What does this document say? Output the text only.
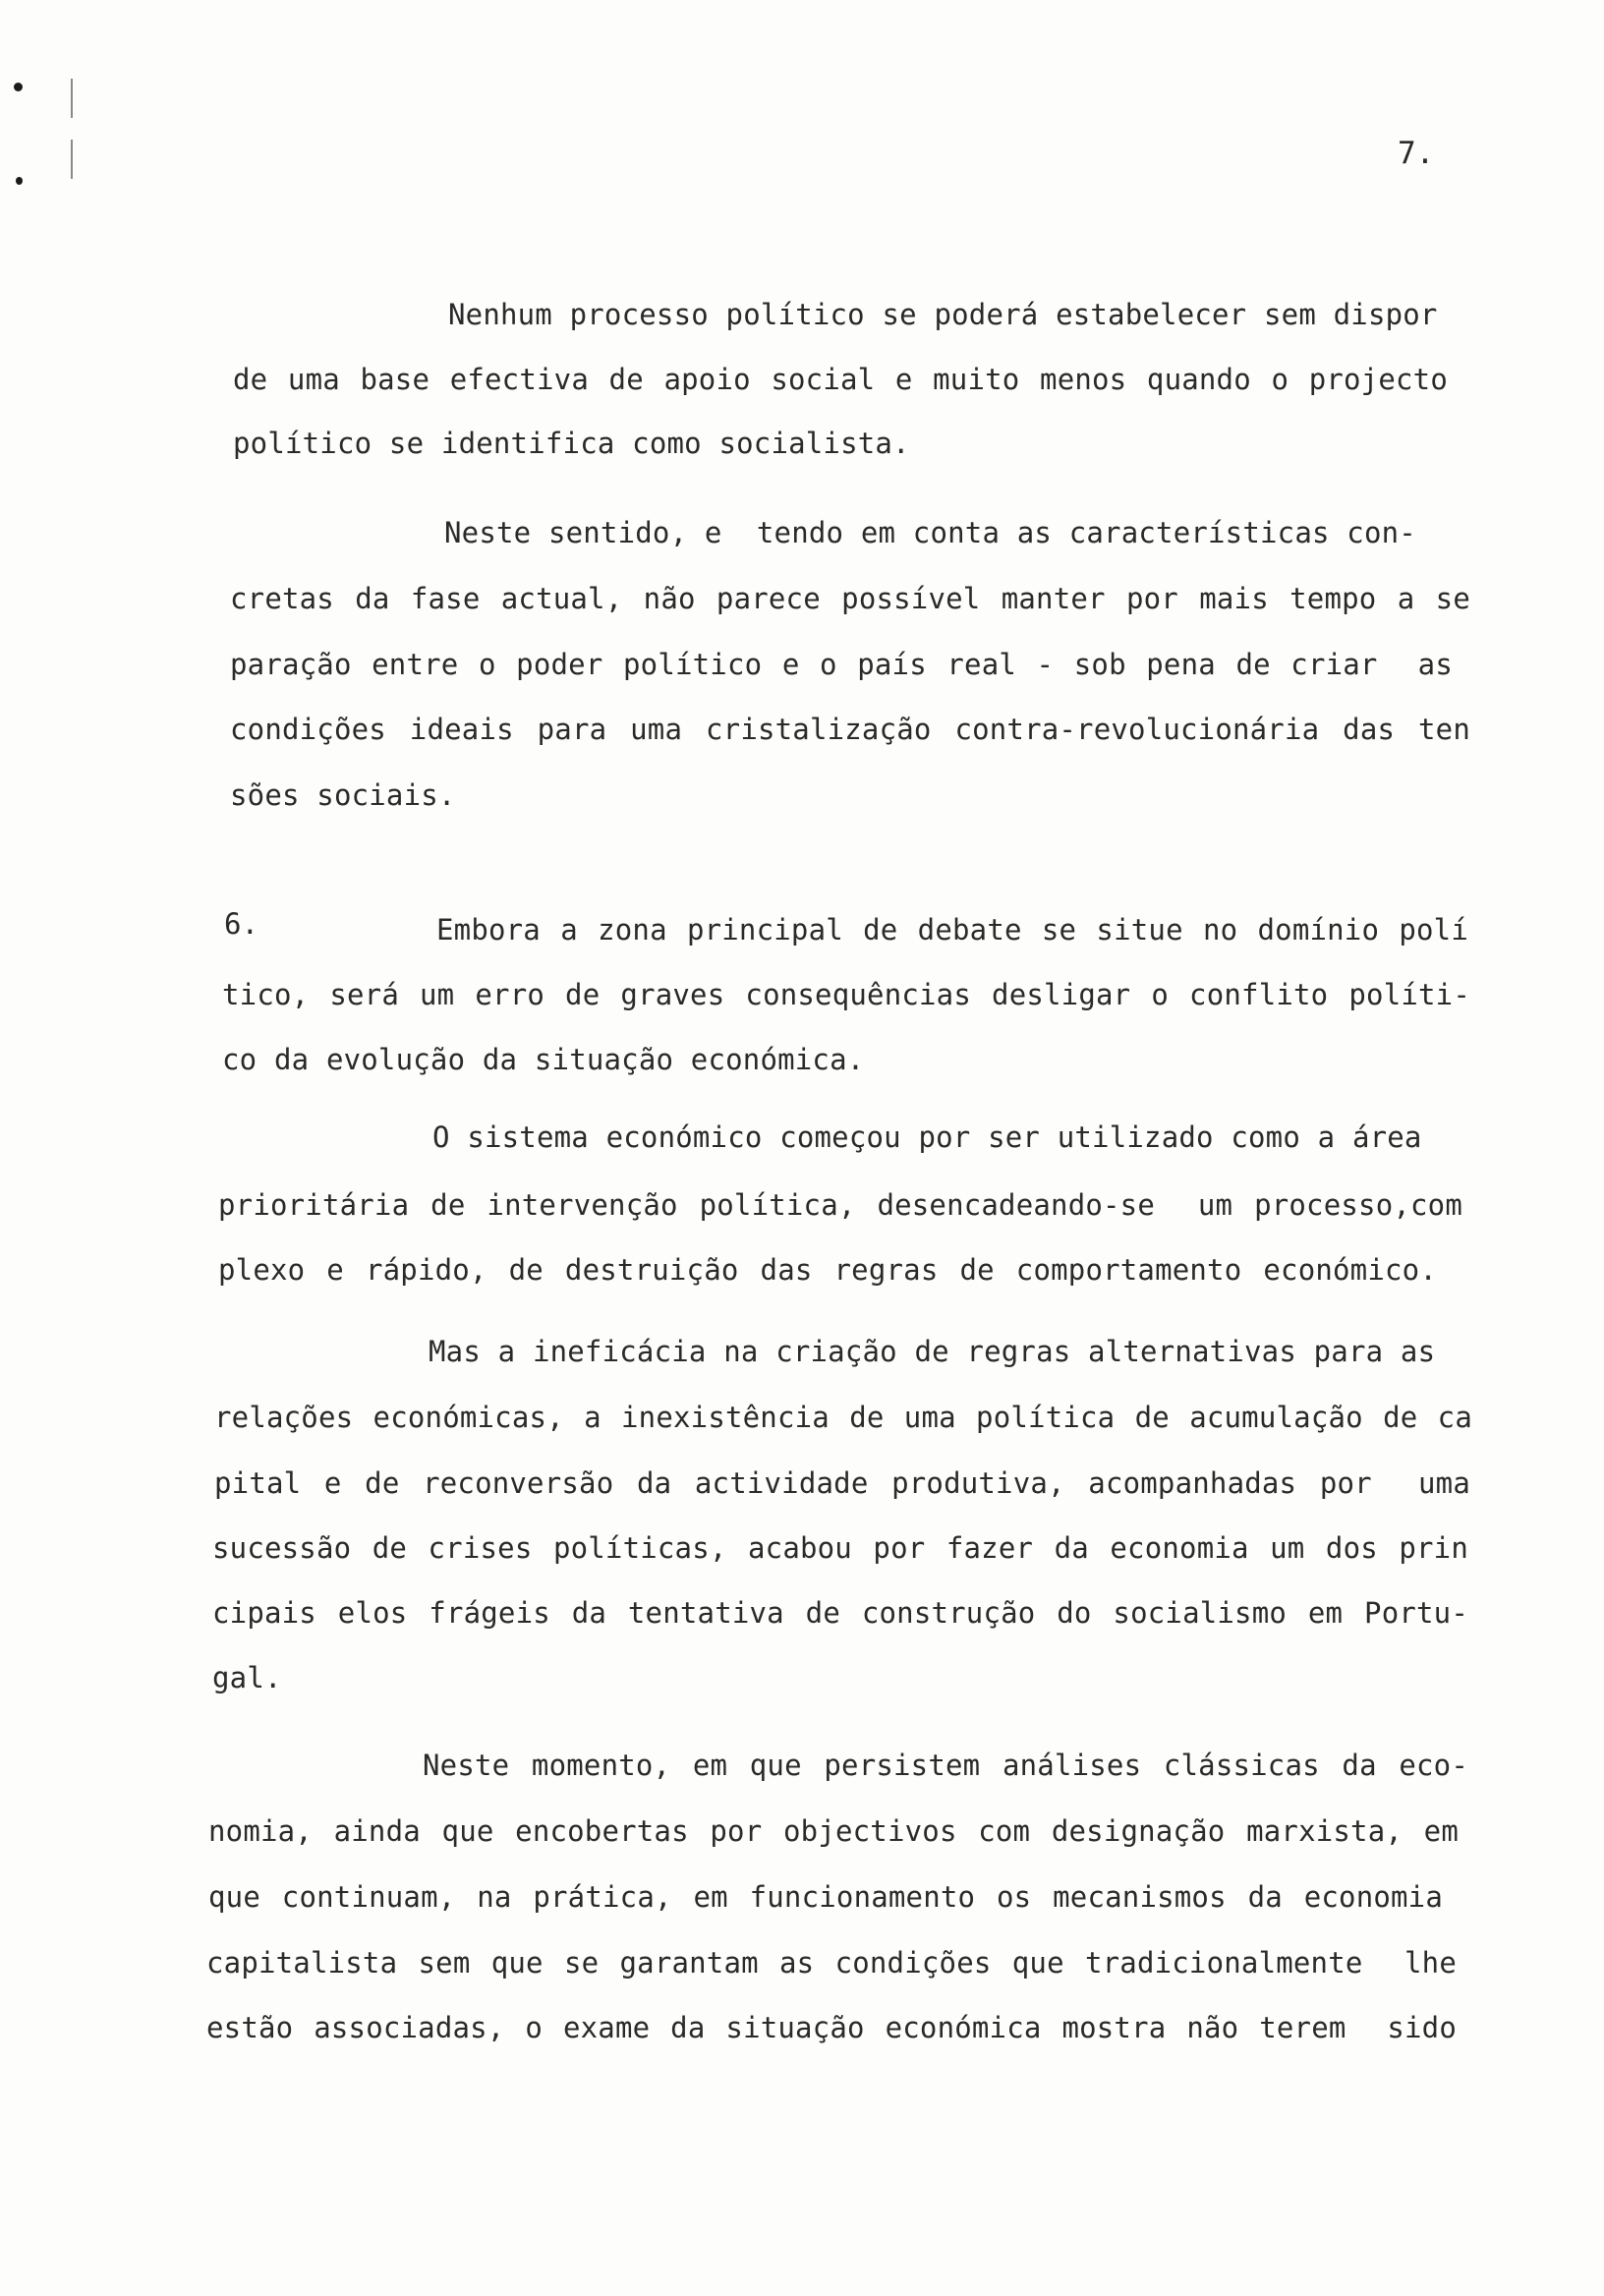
7.
Nenhum processo político se poderá estabelecer sem dispor
de uma base efectiva de apoio social e muito menos quando o projecto
político se identifica como socialista.
Neste sentido, e  tendo em conta as características con-
cretas da fase actual, não parece possível manter por mais tempo a se
paração entre o poder político e o país real - sob pena de criar  as
condições ideais para uma cristalização contra-revolucionária das ten
sões sociais.
6.	Embora a zona principal de debate se situe no domínio polí
tico, será um erro de graves consequências desligar o conflito políti-
co da evolução da situação económica.
O sistema económico começou por ser utilizado como a área
prioritária de intervenção política, desencadeando-se  um processo,com
plexo e rápido, de destruição das regras de comportamento económico.
Mas a ineficácia na criação de regras alternativas para as
relações económicas, a inexistência de uma política de acumulação de ca
pital e de reconversão da actividade produtiva, acompanhadas por  uma
sucessão de crises políticas, acabou por fazer da economia um dos prin
cipais elos frágeis da tentativa de construção do socialismo em Portu-
gal.
Neste momento, em que persistem análises clássicas da eco-
nomia, ainda que encobertas por objectivos com designação marxista, em
que continuam, na prática, em funcionamento os mecanismos da economia
capitalista sem que se garantam as condições que tradicionalmente  lhe
estão associadas, o exame da situação económica mostra não terem  sido
